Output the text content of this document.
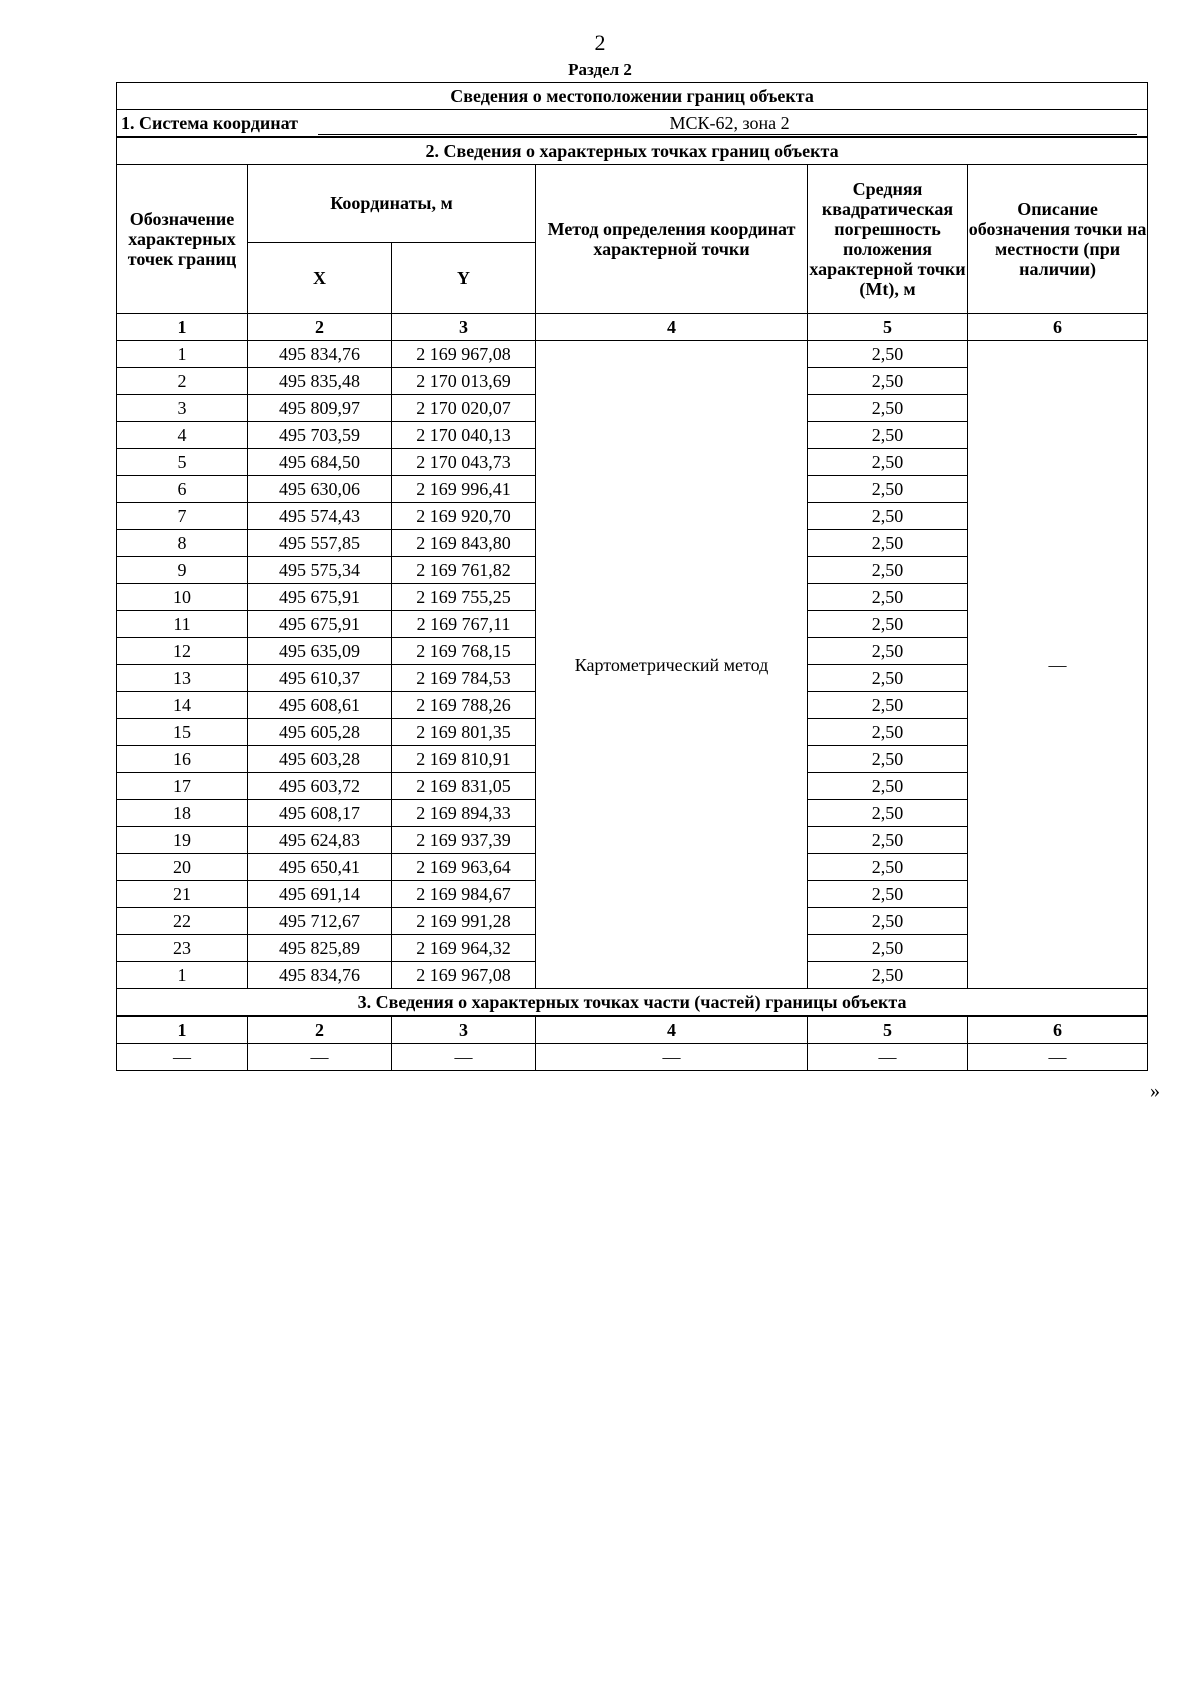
2
Раздел 2
Сведения о местоположении границ объекта					

1. Система координат МСК-62, зона 2					

2. Сведения о характерных точках границ объекта					
Обозначение характерных точек границ	Координаты, м		Метод определения координат характерной точки	Средняя квадратическая погрешность положения характерной точки (Mt), м	Описание обозначения точки на местности (при наличии)
	X	Y			
1	2	3	4	5	6
1	495 834,76	2 169 967,08	Картометрический метод	2,50	—
2	495 835,48	2 170 013,69		2,50	
3	495 809,97	2 170 020,07		2,50	
4	495 703,59	2 170 040,13		2,50	
5	495 684,50	2 170 043,73		2,50	
6	495 630,06	2 169 996,41		2,50	
7	495 574,43	2 169 920,70		2,50	
8	495 557,85	2 169 843,80		2,50	
9	495 575,34	2 169 761,82		2,50	
10	495 675,91	2 169 755,25		2,50	
11	495 675,91	2 169 767,11		2,50	
12	495 635,09	2 169 768,15		2,50	
13	495 610,37	2 169 784,53		2,50	
14	495 608,61	2 169 788,26		2,50	
15	495 605,28	2 169 801,35		2,50	
16	495 603,28	2 169 810,91		2,50	
17	495 603,72	2 169 831,05		2,50	
18	495 608,17	2 169 894,33		2,50	
19	495 624,83	2 169 937,39		2,50	
20	495 650,41	2 169 963,64		2,50	
21	495 691,14	2 169 984,67		2,50	
22	495 712,67	2 169 991,28		2,50	
23	495 825,89	2 169 964,32		2,50	
1	495 834,76	2 169 967,08		2,50	
3. Сведения о характерных точках части (частей) границы объекта					
1	2	3	4	5	6
—	—	—	—	—	—
»
